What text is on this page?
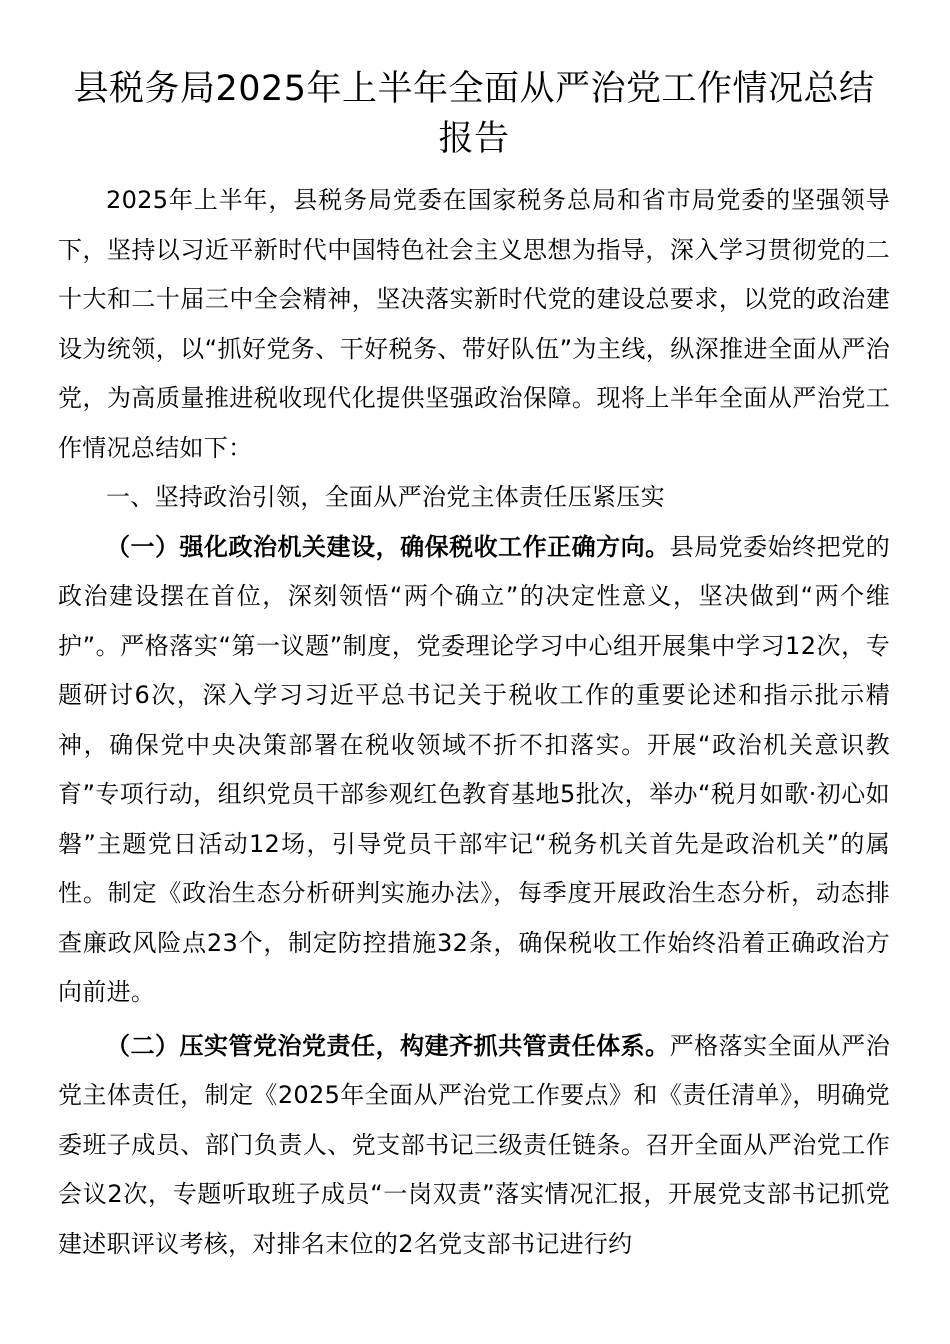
县税务局2025年上半年全面从严治党工作情况总结
报告

2025年上半年，县税务局党委在国家税务总局和省市局党委的坚强领导下，坚持以习近平新时代中国特色社会主义思想为指导，深入学习贯彻党的二十大和二十届三中全会精神，坚决落实新时代党的建设总要求，以党的政治建设为统领，以“抓好党务、干好税务、带好队伍”为主线，纵深推进全面从严治党，为高质量推进税收现代化提供坚强政治保障。现将上半年全面从严治党工作情况总结如下：

一、坚持政治引领，全面从严治党主体责任压紧压实

（一）强化政治机关建设，确保税收工作正确方向。县局党委始终把党的政治建设摆在首位，深刻领悟“两个确立”的决定性意义，坚决做到“两个维护”。严格落实“第一议题”制度，党委理论学习中心组开展集中学习12次，专题研讨6次，深入学习习近平总书记关于税收工作的重要论述和指示批示精神，确保党中央决策部署在税收领域不折不扣落实。开展“政治机关意识教育”专项行动，组织党员干部参观红色教育基地5批次，举办“税月如歌·初心如磐”主题党日活动12场，引导党员干部牢记“税务机关首先是政治机关”的属性。制定《政治生态分析研判实施办法》，每季度开展政治生态分析，动态排查廉政风险点23个，制定防控措施32条，确保税收工作始终沿着正确政治方向前进。

（二）压实管党治党责任，构建齐抓共管责任体系。严格落实全面从严治党主体责任，制定《2025年全面从严治党工作要点》和《责任清单》，明确党委班子成员、部门负责人、党支部书记三级责任链条。召开全面从严治党工作会议2次，专题听取班子成员“一岗双责”落实情况汇报，开展党支部书记抓党建述职评议考核，对排名末位的2名党支部书记进行约
